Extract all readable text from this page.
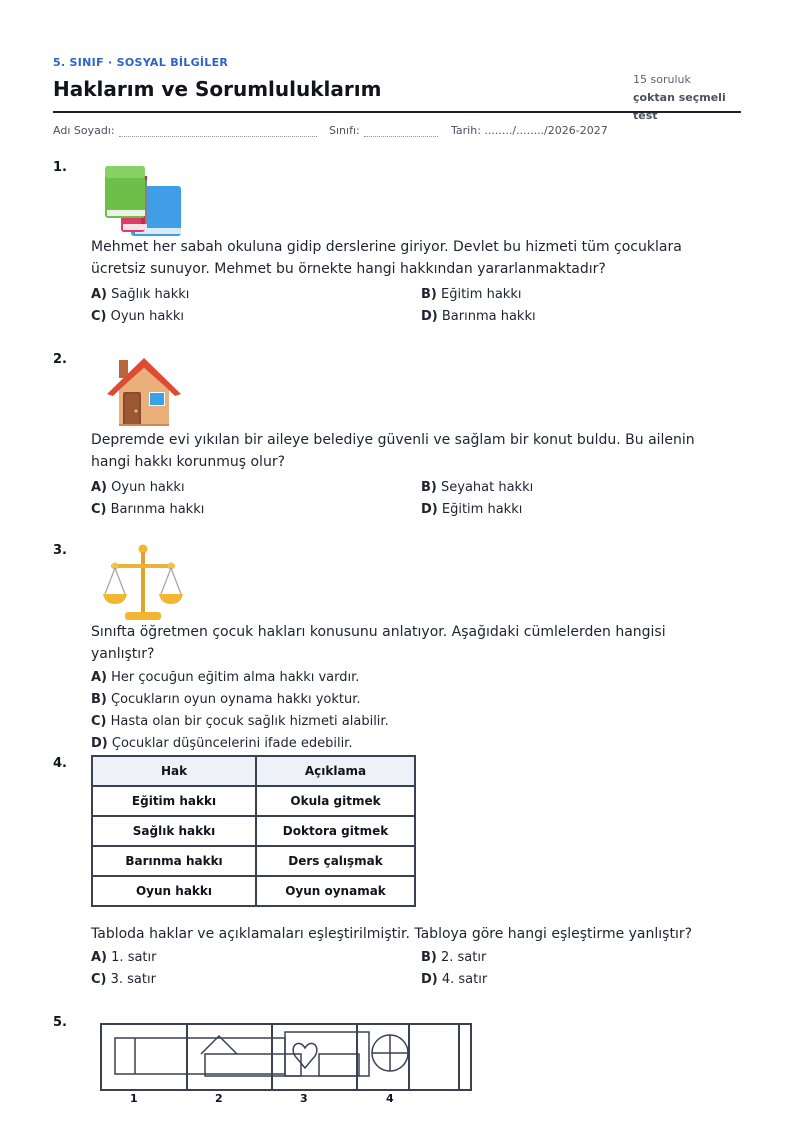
5. SINIF · SOSYAL BİLGİLER
Haklarım ve Sorumluluklarım	15 soruluk
çoktan seçmeli test
Adı Soyadı:	Sınıfı:	Tarih: ......../......../2026-2027
1.
Mehmet her sabah okuluna gidip derslerine giriyor. Devlet bu hizmeti tüm çocuklara ücretsiz sunuyor. Mehmet bu örnekte hangi hakkından yararlanmaktadır?
A) Sağlık hakkı	B) Eğitim hakkı
C) Oyun hakkı	D) Barınma hakkı
2.
Depremde evi yıkılan bir aileye belediye güvenli ve sağlam bir konut buldu. Bu ailenin hangi hakkı korunmuş olur?
A) Oyun hakkı	B) Seyahat hakkı
C) Barınma hakkı	D) Eğitim hakkı
3.
Sınıfta öğretmen çocuk hakları konusunu anlatıyor. Aşağıdaki cümlelerden hangisi yanlıştır?
A) Her çocuğun eğitim alma hakkı vardır.
B) Çocukların oyun oynama hakkı yoktur.
C) Hasta olan bir çocuk sağlık hizmeti alabilir.
D) Çocuklar düşüncelerini ifade edebilir.
4.	Hak	Açıklama
Eğitim hakkı	Okula gitmek
Sağlık hakkı	Doktora gitmek
Barınma hakkı	Ders çalışmak
Oyun hakkı	Oyun oynamak
Tabloda haklar ve açıklamaları eşleştirilmiştir. Tabloya göre hangi eşleştirme yanlıştır?
A) 1. satır	B) 2. satır
C) 3. satır	D) 4. satır
5.
1	2	3	4
